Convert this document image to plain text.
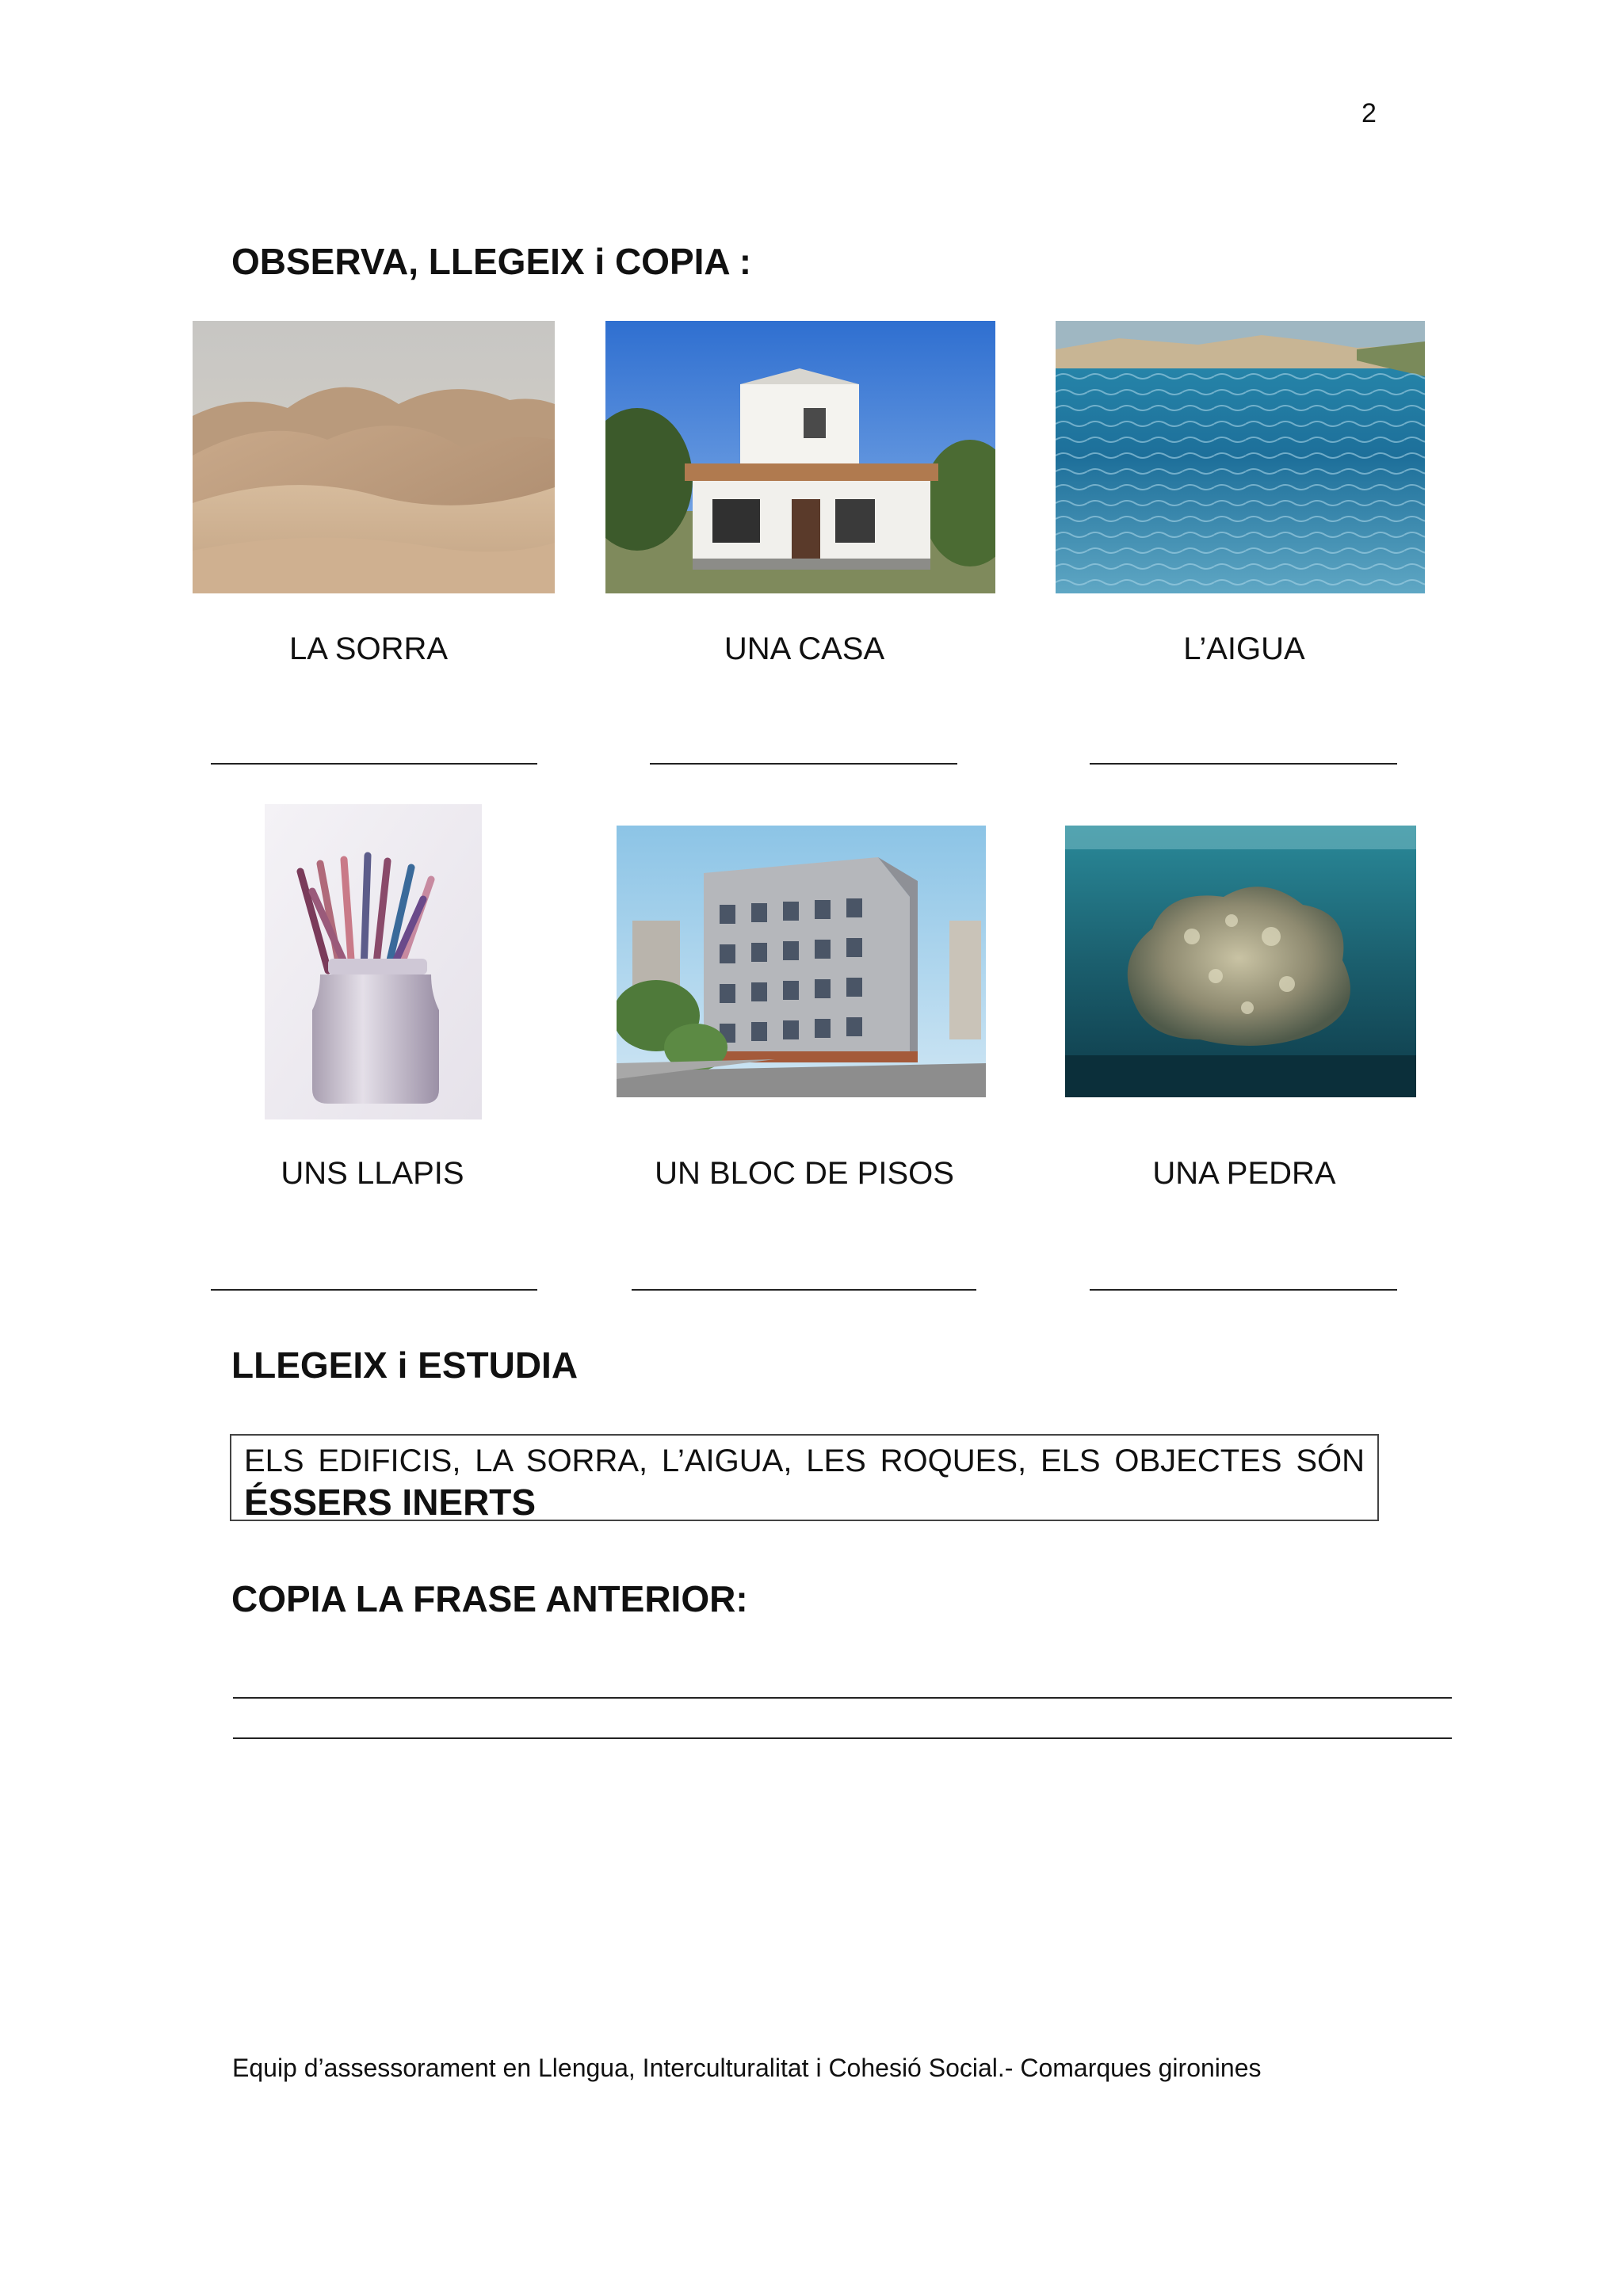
2
OBSERVA, LLEGEIX i COPIA :
LA SORRA	UNA CASA	L’AIGUA
UNS LLAPIS	UN BLOC DE PISOS	UNA PEDRA
LLEGEIX i ESTUDIA
ELS EDIFICIS, LA SORRA, L’AIGUA, LES ROQUES, ELS OBJECTES SÓN
ÉSSERS INERTS
COPIA LA FRASE ANTERIOR:
Equip d’assessorament en Llengua, Interculturalitat i Cohesió Social.- Comarques gironines
